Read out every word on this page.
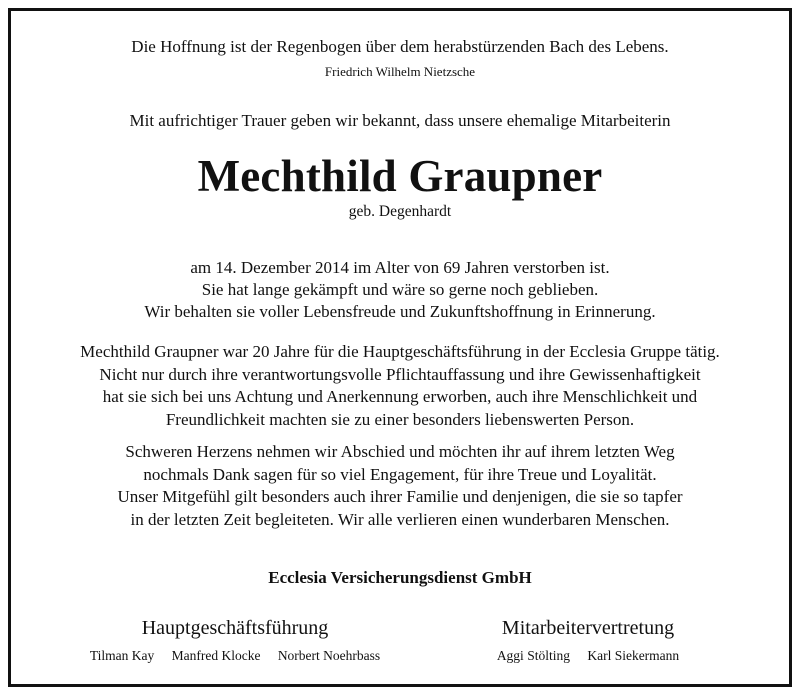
Die Hoffnung ist der Regenbogen über dem herabstürzenden Bach des Lebens.
Friedrich Wilhelm Nietzsche
Mit aufrichtiger Trauer geben wir bekannt, dass unsere ehemalige Mitarbeiterin
Mechthild Graupner
geb. Degenhardt
am 14. Dezember 2014 im Alter von 69 Jahren verstorben ist.
Sie hat lange gekämpft und wäre so gerne noch geblieben.
Wir behalten sie voller Lebensfreude und Zukunftshoffnung in Erinnerung.
Mechthild Graupner war 20 Jahre für die Hauptgeschäftsführung in der Ecclesia Gruppe tätig.
Nicht nur durch ihre verantwortungsvolle Pflichtauffassung und ihre Gewissenhaftigkeit
hat sie sich bei uns Achtung und Anerkennung erworben, auch ihre Menschlichkeit und
Freundlichkeit machten sie zu einer besonders liebenswerten Person.
Schweren Herzens nehmen wir Abschied und möchten ihr auf ihrem letzten Weg
nochmals Dank sagen für so viel Engagement, für ihre Treue und Loyalität.
Unser Mitgefühl gilt besonders auch ihrer Familie und denjenigen, die sie so tapfer
in der letzten Zeit begleiteten. Wir alle verlieren einen wunderbaren Menschen.
Ecclesia Versicherungsdienst GmbH
Hauptgeschäftsführung
Tilman Kay Manfred Klocke Norbert Noehrbass
Mitarbeitervertretung
Aggi Stölting Karl Siekermann
